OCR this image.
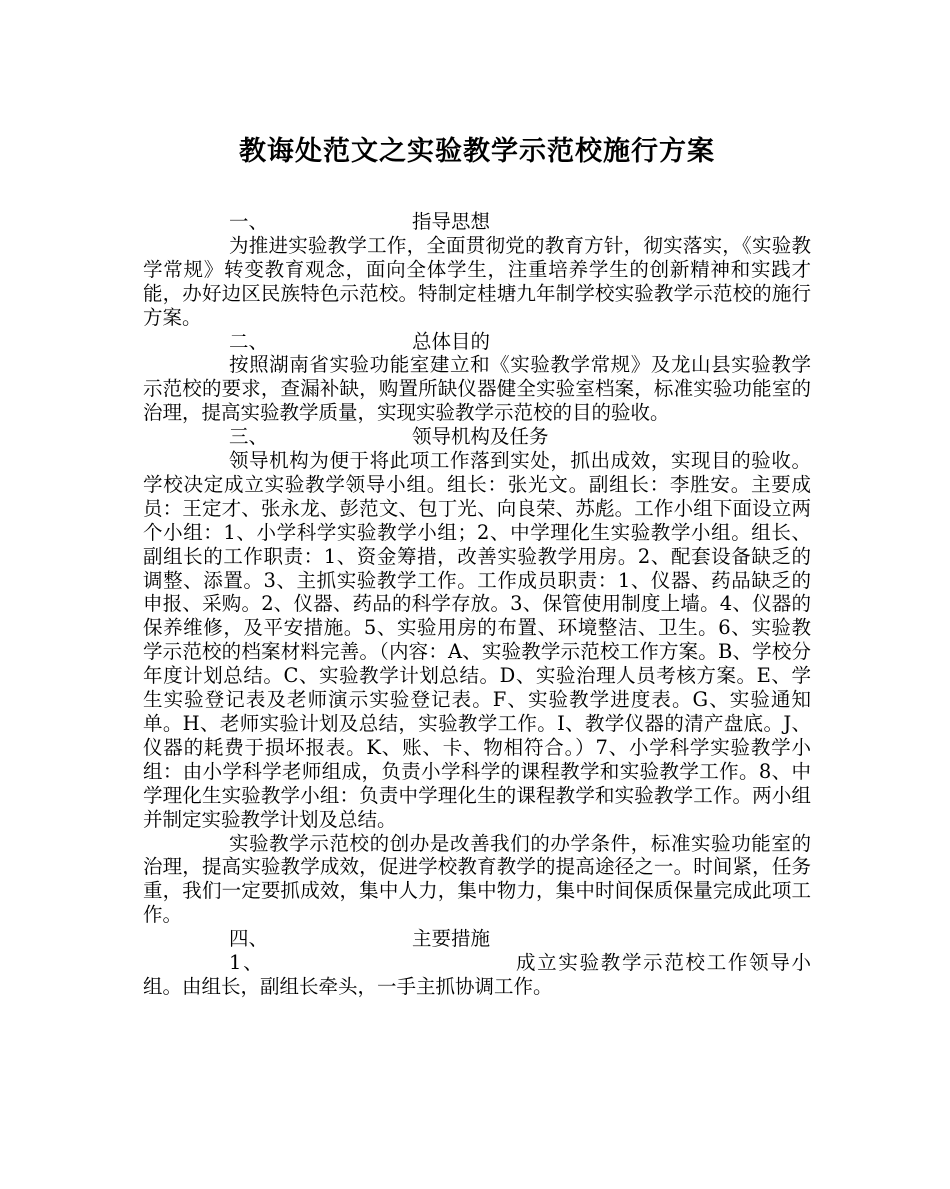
教诲处范文之实验教学示范校施行方案
一、	指导思想

为推进实验教学工作，全面贯彻党的教育方针，彻实落实，《实验教学常规》转变教育观念，面向全体学生，注重培养学生的创新精神和实践才能，办好边区民族特色示范校。特制定桂塘九年制学校实验教学示范校的施行方案。

二、	总体目的

按照湖南省实验功能室建立和《实验教学常规》及龙山县实验教学示范校的要求，查漏补缺，购置所缺仪器健全实验室档案，标准实验功能室的治理，提高实验教学质量，实现实验教学示范校的目的验收。

三、	领导机构及任务

领导机构为便于将此项工作落到实处，抓出成效，实现目的验收。学校决定成立实验教学领导小组。组长：张光文。副组长：李胜安。主要成员：王定才、张永龙、彭范文、包丁光、向良荣、苏彪。工作小组下面设立两个小组：1、小学科学实验教学小组；2、中学理化生实验教学小组。组长、副组长的工作职责：1、资金筹措，改善实验教学用房。2、配套设备缺乏的调整、添置。3、主抓实验教学工作。工作成员职责：1、仪器、药品缺乏的申报、采购。2、仪器、药品的科学存放。3、保管使用制度上墙。4、仪器的保养维修，及平安措施。5、实验用房的布置、环境整洁、卫生。6、实验教学示范校的档案材料完善。（内容：A、实验教学示范校工作方案。B、学校分年度计划总结。C、实验教学计划总结。D、实验治理人员考核方案。E、学生实验登记表及老师演示实验登记表。F、实验教学进度表。G、实验通知单。H、老师实验计划及总结，实验教学工作。I、教学仪器的清产盘底。J、仪器的耗费于损坏报表。K、账、卡、物相符合。）7、小学科学实验教学小组：由小学科学老师组成，负责小学科学的课程教学和实验教学工作。8、中学理化生实验教学小组：负责中学理化生的课程教学和实验教学工作。两小组并制定实验教学计划及总结。

实验教学示范校的创办是改善我们的办学条件，标准实验功能室的治理，提高实验教学成效，促进学校教育教学的提高途径之一。时间紧，任务重，我们一定要抓成效，集中人力，集中物力，集中时间保质保量完成此项工作。

四、	主要措施

1、	成立实验教学示范校工作领导小组。由组长，副组长牵头，一手主抓协调工作。
